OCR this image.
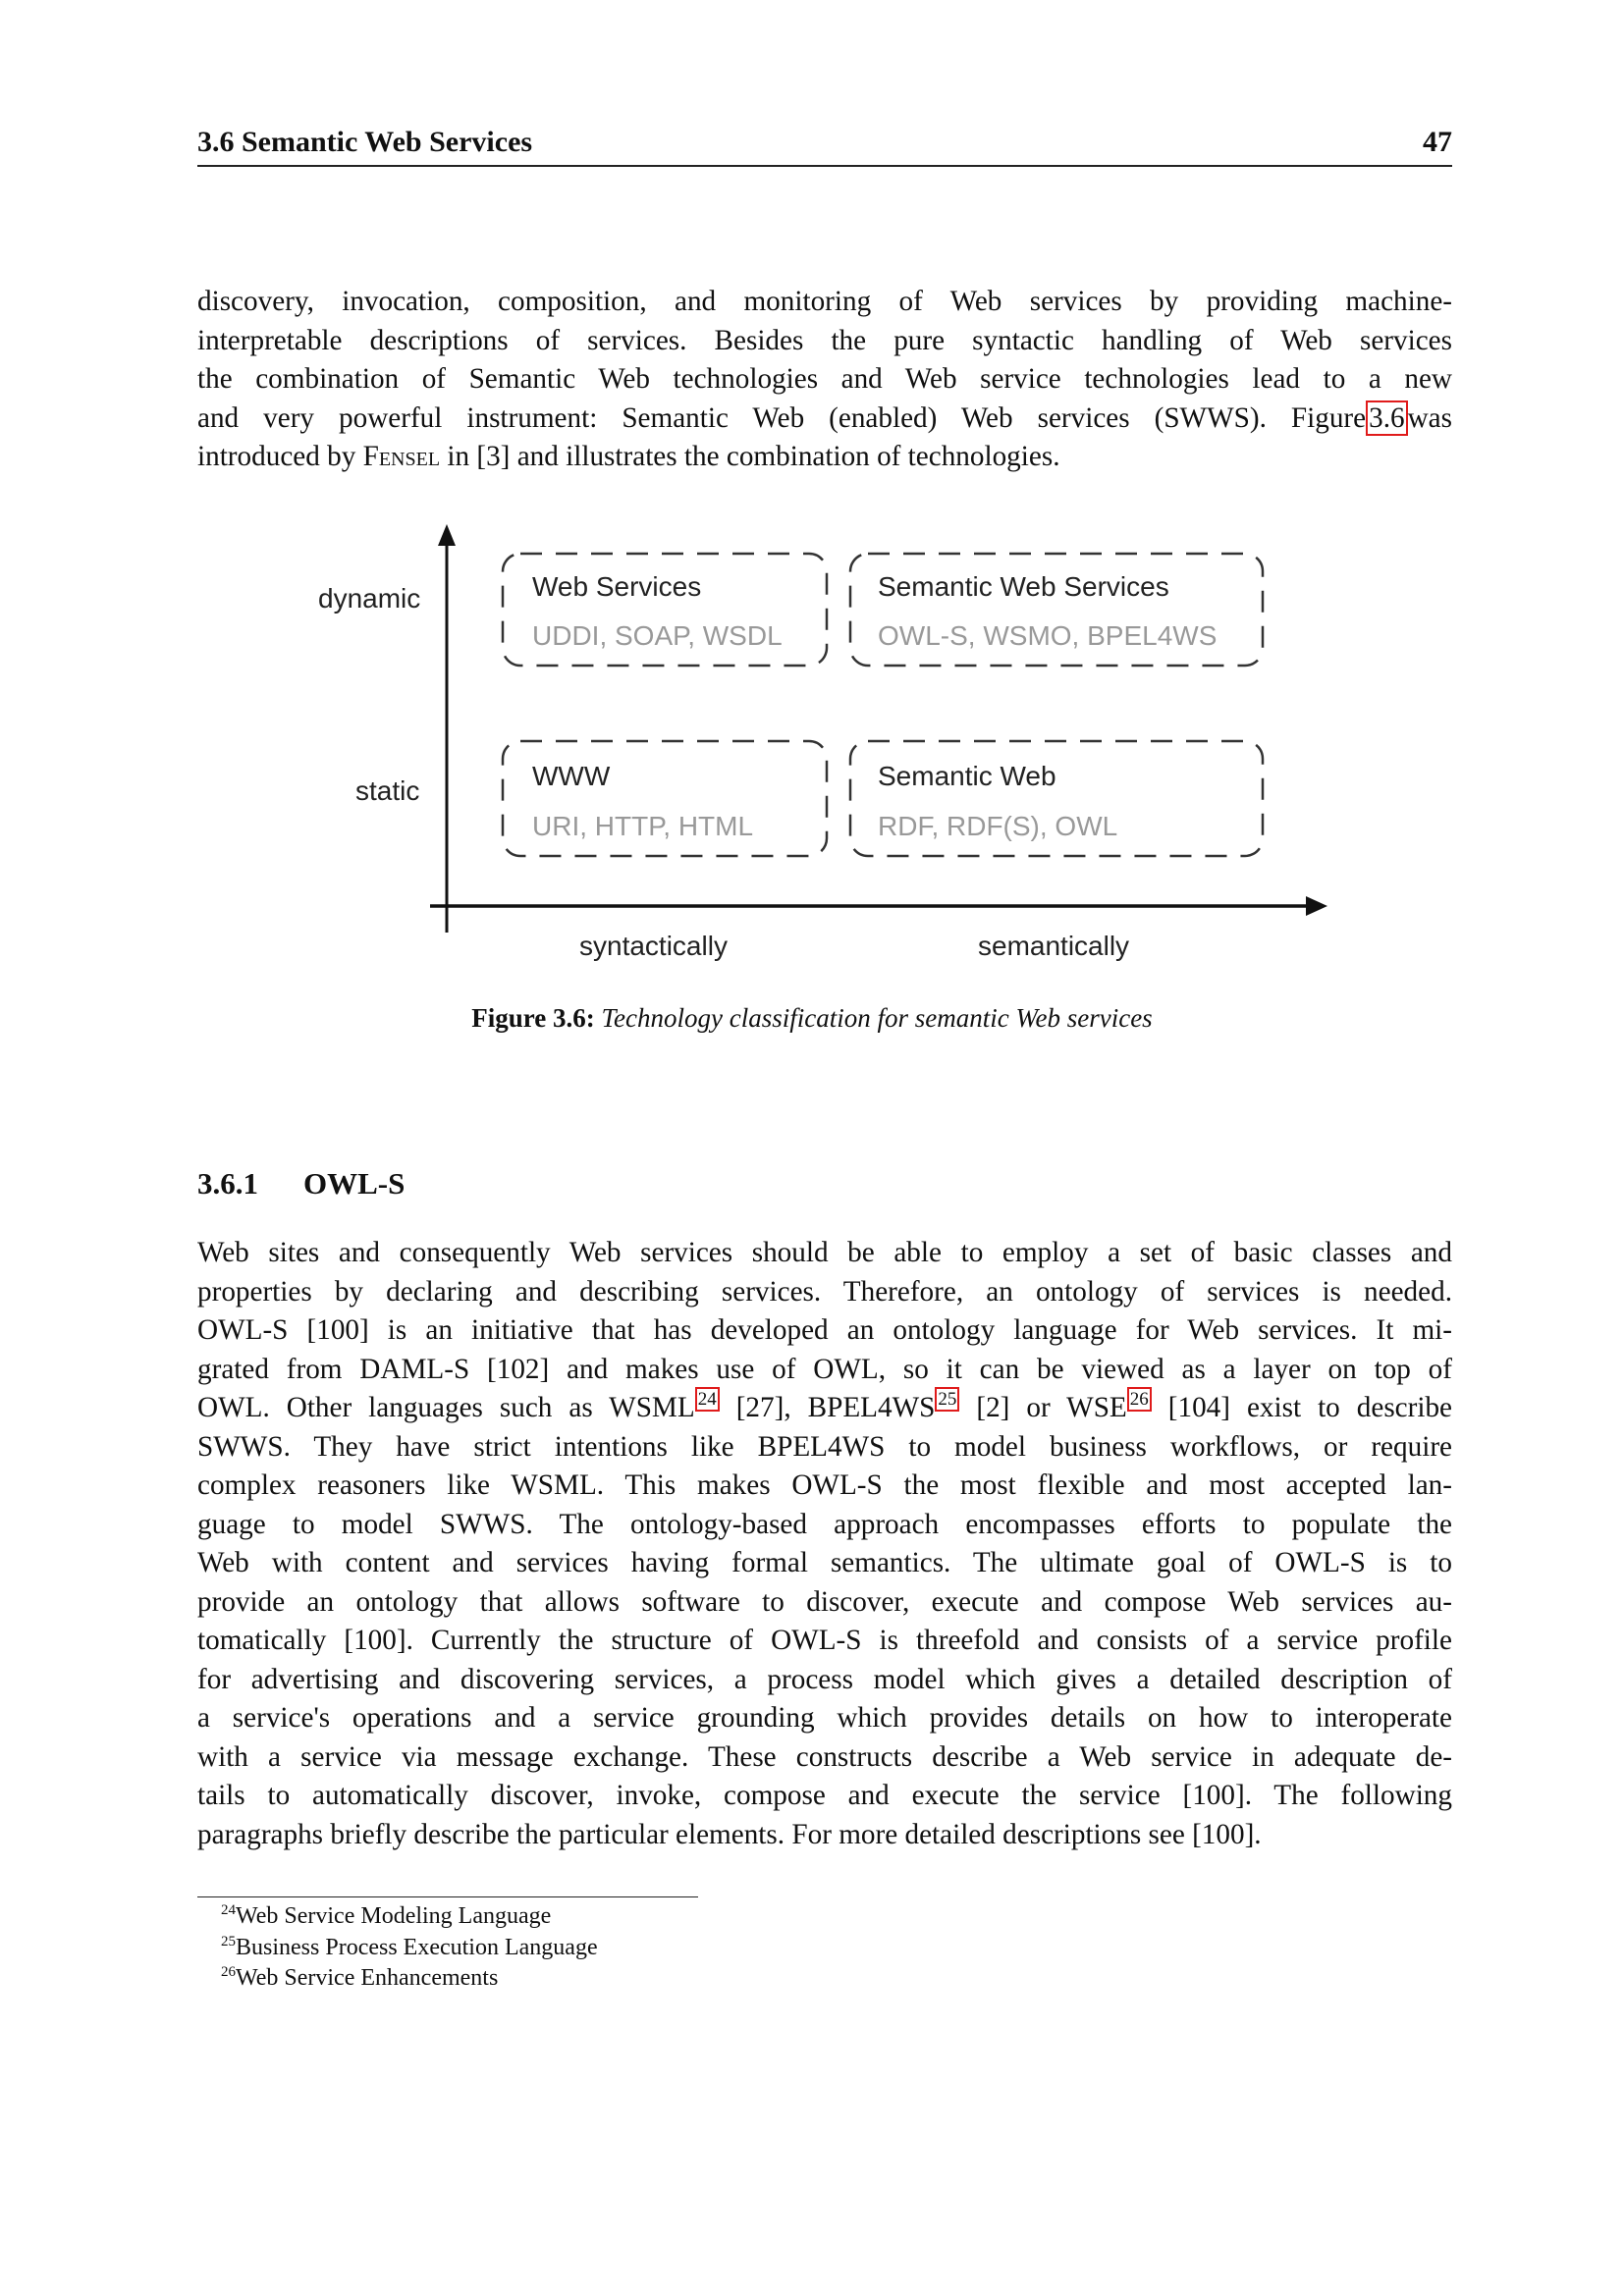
3.6 Semantic Web Services	47
discovery, invocation, composition, and monitoring of Web services by providing machine-
interpretable descriptions of services. Besides the pure syntactic handling of Web services
the combination of Semantic Web technologies and Web service technologies lead to a new
and very powerful instrument: Semantic Web (enabled) Web services (SWWS). Figure 3.6 was
introduced by Fensel in [3] and illustrates the combination of technologies.
dynamic
static
Web Services
UDDI, SOAP, WSDL
Semantic Web Services
OWL-S, WSMO, BPEL4WS
WWW
URI, HTTP, HTML
Semantic Web
RDF, RDF(S), OWL
syntactically	semantically
Figure 3.6: Technology classification for semantic Web services
3.6.1 OWL-S
Web sites and consequently Web services should be able to employ a set of basic classes and
properties by declaring and describing services. Therefore, an ontology of services is needed.
OWL-S [100] is an initiative that has developed an ontology language for Web services. It mi-
grated from DAML-S [102] and makes use of OWL, so it can be viewed as a layer on top of
OWL. Other languages such as WSML $^{24}$ [27], BPEL4WS $^{25}$ [2] or WSE $^{26}$ [104] exist to describe
SWWS. They have strict intentions like BPEL4WS to model business workflows, or require
complex reasoners like WSML. This makes OWL-S the most flexible and most accepted lan-
guage to model SWWS. The ontology-based approach encompasses efforts to populate the
Web with content and services having formal semantics. The ultimate goal of OWL-S is to
provide an ontology that allows software to discover, execute and compose Web services au-
tomatically [100]. Currently the structure of OWL-S is threefold and consists of a service profile
for advertising and discovering services, a process model which gives a detailed description of
a service's operations and a service grounding which provides details on how to interoperate
with a service via message exchange. These constructs describe a Web service in adequate de-
tails to automatically discover, invoke, compose and execute the service [100]. The following
paragraphs briefly describe the particular elements. For more detailed descriptions see [100].
$^{24}$Web Service Modeling Language
$^{25}$Business Process Execution Language
$^{26}$Web Service Enhancements
